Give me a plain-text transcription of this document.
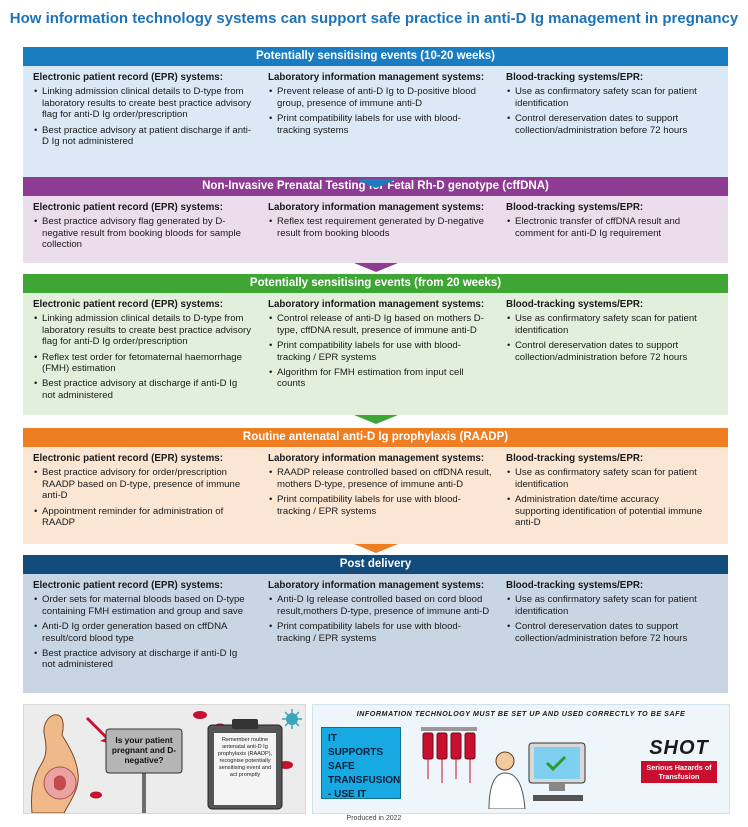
How information technology systems can support safe practice in anti-D Ig management in pregnancy
Potentially sensitising events (10-20 weeks)
Electronic patient record (EPR) systems:
• Linking admission clinical details to D-type from laboratory results to create best practice advisory flag for anti-D Ig order/prescription
• Best practice advisory at patient discharge if anti-D Ig not administered
Laboratory information management systems:
• Prevent release of anti-D Ig to D-positive blood group, presence of immune anti-D
• Print compatibility labels for use with blood-tracking systems
Blood-tracking systems/EPR:
• Use as confirmatory safety scan for patient identification
• Control dereservation dates to support collection/administration before 72 hours
Non-Invasive Prenatal Testing for Fetal Rh-D genotype (cffDNA)
Electronic patient record (EPR) systems:
• Best practice advisory flag generated by D-negative result from booking bloods for sample collection
Laboratory information management systems:
• Reflex test requirement generated by D-negative result from booking bloods
Blood-tracking systems/EPR:
• Electronic transfer of cffDNA result and comment for anti-D Ig requirement
Potentially sensitising events (from 20 weeks)
Electronic patient record (EPR) systems:
• Linking admission clinical details to D-type from laboratory results to create best practice advisory flag for anti-D Ig order/prescription
• Reflex test order for fetomaternal haemorrhage (FMH) estimation
• Best practice advisory at discharge if anti-D Ig not administered
Laboratory information management systems:
• Control release of anti-D Ig based on mothers D-type, cffDNA result, presence of immune anti-D
• Print compatibility labels for use with blood-tracking / EPR systems
• Algorithm for FMH estimation from input cell counts
Blood-tracking systems/EPR:
• Use as confirmatory safety scan for patient identification
• Control dereservation dates to support collection/administration before 72 hours
Routine antenatal anti-D Ig prophylaxis (RAADP)
Electronic patient record (EPR) systems:
• Best practice advisory for order/prescription RAADP based on D-type, presence of immune anti-D
• Appointment reminder for administration of RAADP
Laboratory information management systems:
• RAADP release controlled based on cffDNA result, mothers D-type, presence of immune anti-D
• Print compatibility labels for use with blood-tracking / EPR systems
Blood-tracking systems/EPR:
• Use as confirmatory safety scan for patient identification
• Administration date/time accuracy supporting identification of potential immune anti-D
Post delivery
Electronic patient record (EPR) systems:
• Order sets for maternal bloods based on D-type containing FMH estimation and group and save
• Anti-D Ig order generation based on cffDNA result/cord blood type
• Best practice advisory at discharge if anti-D Ig not administered
Laboratory information management systems:
• Anti-D Ig release controlled based on cord blood result,mothers D-type, presence of immune anti-D
• Print compatibility labels for use with blood-tracking / EPR systems
Blood-tracking systems/EPR:
• Use as confirmatory safety scan for patient identification
• Control dereservation dates to support collection/administration before 72 hours
Is your patient pregnant and D-negative?
Remember routine antenatal anti-D Ig prophylaxis (RAADP), recognise potentially sensitising event and act promptly
INFORMATION TECHNOLOGY MUST BE SET UP AND USED CORRECTLY TO BE SAFE
IT SUPPORTS SAFE TRANSFUSION - USE IT
SHOT
Serious Hazards of Transfusion
Produced in 2022
